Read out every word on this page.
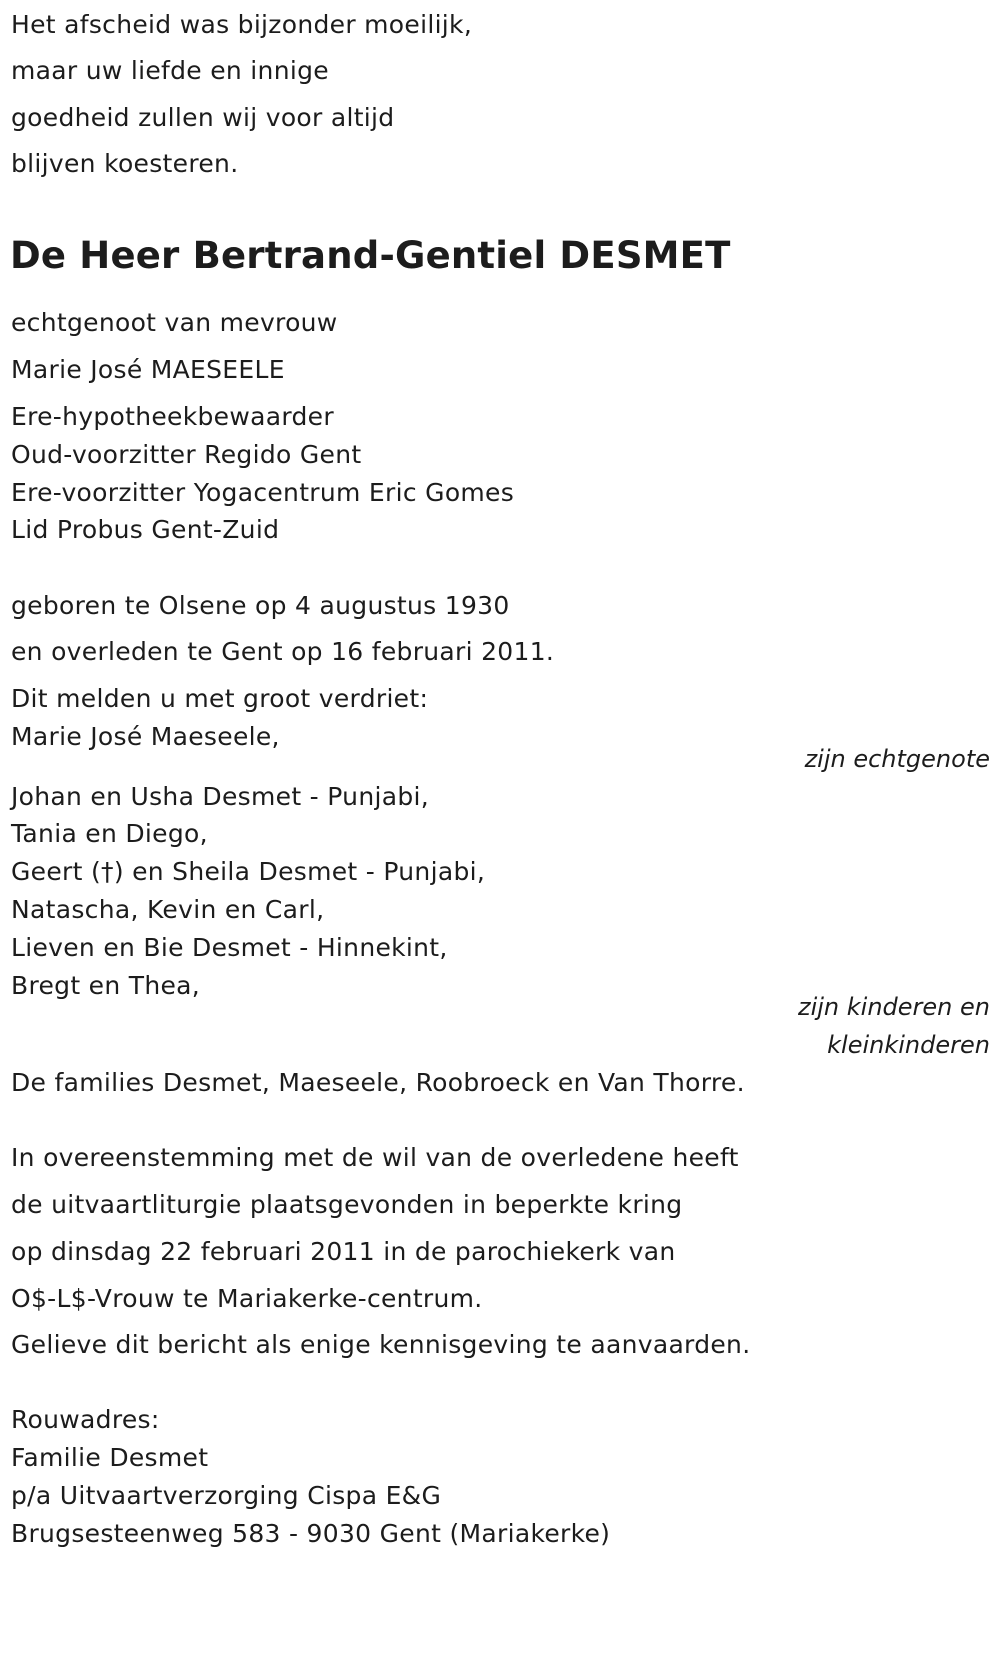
Het afscheid was bijzonder moeilijk,
maar uw liefde en innige
goedheid zullen wij voor altijd
blijven koesteren.
De Heer Bertrand-Gentiel DESMET
echtgenoot van mevrouw
Marie José MAESEELE
Ere-hypotheekbewaarder
Oud-voorzitter Regido Gent
Ere-voorzitter Yogacentrum Eric Gomes
Lid Probus Gent-Zuid
geboren te Olsene op 4 augustus 1930
en overleden te Gent op 16 februari 2011.
Dit melden u met groot verdriet:
Marie José Maeseele,
zijn echtgenote
Johan en Usha Desmet - Punjabi,
Tania en Diego,
Geert (†) en Sheila Desmet - Punjabi,
Natascha, Kevin en Carl,
Lieven en Bie Desmet - Hinnekint,
Bregt en Thea,
zijn kinderen en
kleinkinderen
De families Desmet, Maeseele, Roobroeck en Van Thorre.
In overeenstemming met de wil van de overledene heeft
de uitvaartliturgie plaatsgevonden in beperkte kring
op dinsdag 22 februari 2011 in de parochiekerk van
O$-L$-Vrouw te Mariakerke-centrum.
Gelieve dit bericht als enige kennisgeving te aanvaarden.
Rouwadres:
Familie Desmet
p/a Uitvaartverzorging Cispa E&G
Brugsesteenweg 583 - 9030 Gent (Mariakerke)
